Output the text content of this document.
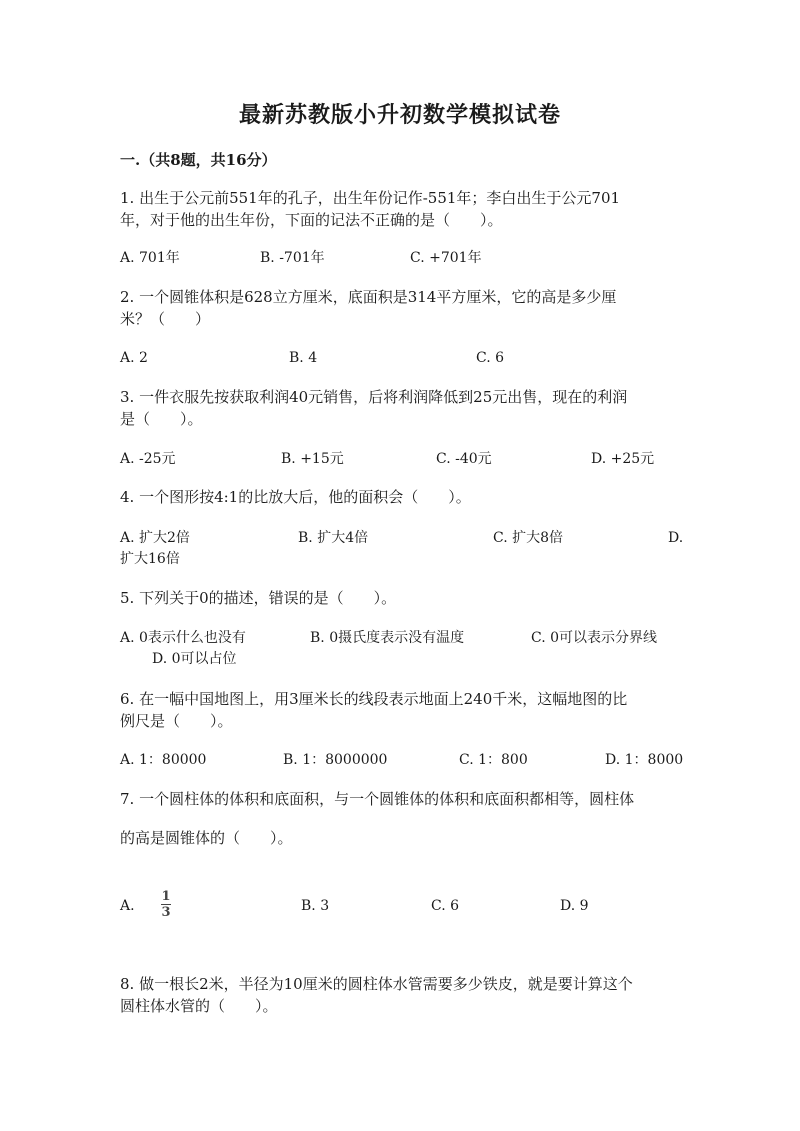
最新苏教版小升初数学模拟试卷
一.（共8题，共16分）
1. 出生于公元前551年的孔子，出生年份记作-551年；李白出生于公元701
年，对于他的出生年份，下面的记法不正确的是（　　）。
A. 701年	B. -701年	C. +701年
2. 一个圆锥体积是628立方厘米，底面积是314平方厘米，它的高是多少厘
米？（　　）
A. 2	B. 4	C. 6
3. 一件衣服先按获取利润40元销售，后将利润降低到25元出售，现在的利润
是（　　）。
A. -25元	B. +15元	C. -40元	D. +25元
4. 一个图形按4:1的比放大后，他的面积会（　　）。
A. 扩大2倍	B. 扩大4倍	C. 扩大8倍	D.
扩大16倍
5. 下列关于0的描述，错误的是（　　）。
A. 0表示什么也没有	B. 0摄氏度表示没有温度	C. 0可以表示分界线
D. 0可以占位
6. 在一幅中国地图上，用3厘米长的线段表示地面上240千米，这幅地图的比
例尺是（　　）。
A. 1：80000	B. 1：8000000	C. 1：800	D. 1：8000
7. 一个圆柱体的体积和底面积，与一个圆锥体的体积和底面积都相等，圆柱体
的高是圆锥体的（　　）。
A.
1
3	B. 3	C. 6	D. 9
8. 做一根长2米，半径为10厘米的圆柱体水管需要多少铁皮，就是要计算这个
圆柱体水管的（　　）。
